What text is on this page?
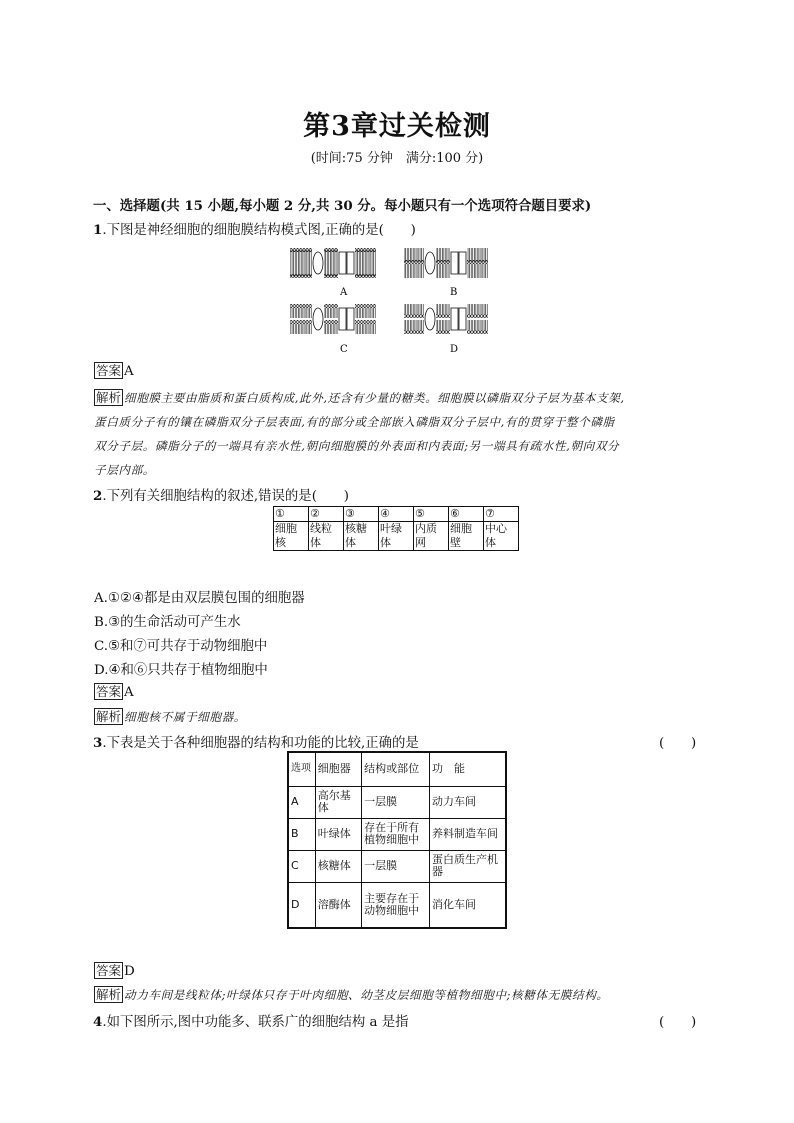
第3章过关检测
(时间:75 分钟　满分:100 分)
一、选择题(共 15 小题,每小题 2 分,共 30 分。每小题只有一个选项符合题目要求)
1.下图是神经细胞的细胞膜结构模式图,正确的是(　　)
A	B
C	D
答案 A
解析 细胞膜主要由脂质和蛋白质构成,此外,还含有少量的糖类。细胞膜以磷脂双分子层为基本支架,
蛋白质分子有的镶在磷脂双分子层表面,有的部分或全部嵌入磷脂双分子层中,有的贯穿于整个磷脂
双分子层。磷脂分子的一端具有亲水性,朝向细胞膜的外表面和内表面;另一端具有疏水性,朝向双分
子层内部。
2.下列有关细胞结构的叙述,错误的是(　　)
①	②	③	④	⑤	⑥	⑦
细胞核	线粒体	核糖体	叶绿体	内质网	细胞壁	中心体
A.①②④都是由双层膜包围的细胞器
B.③的生命活动可产生水
C.⑤和⑦可共存于动物细胞中
D.④和⑥只共存于植物细胞中
答案 A
解析 细胞核不属于细胞器。
3.下表是关于各种细胞器的结构和功能的比较,正确的是	(　　)
选项	细胞器	结构或部位	功　能
A	高尔基体	一层膜	动力车间
B	叶绿体	存在于所有植物细胞中	养料制造车间
C	核糖体	一层膜	蛋白质生产机器
D	溶酶体	主要存在于动物细胞中	消化车间
答案 D
解析 动力车间是线粒体;叶绿体只存于叶肉细胞、幼茎皮层细胞等植物细胞中;核糖体无膜结构。
4.如下图所示,图中功能多、联系广的细胞结构 a 是指	(　　)
